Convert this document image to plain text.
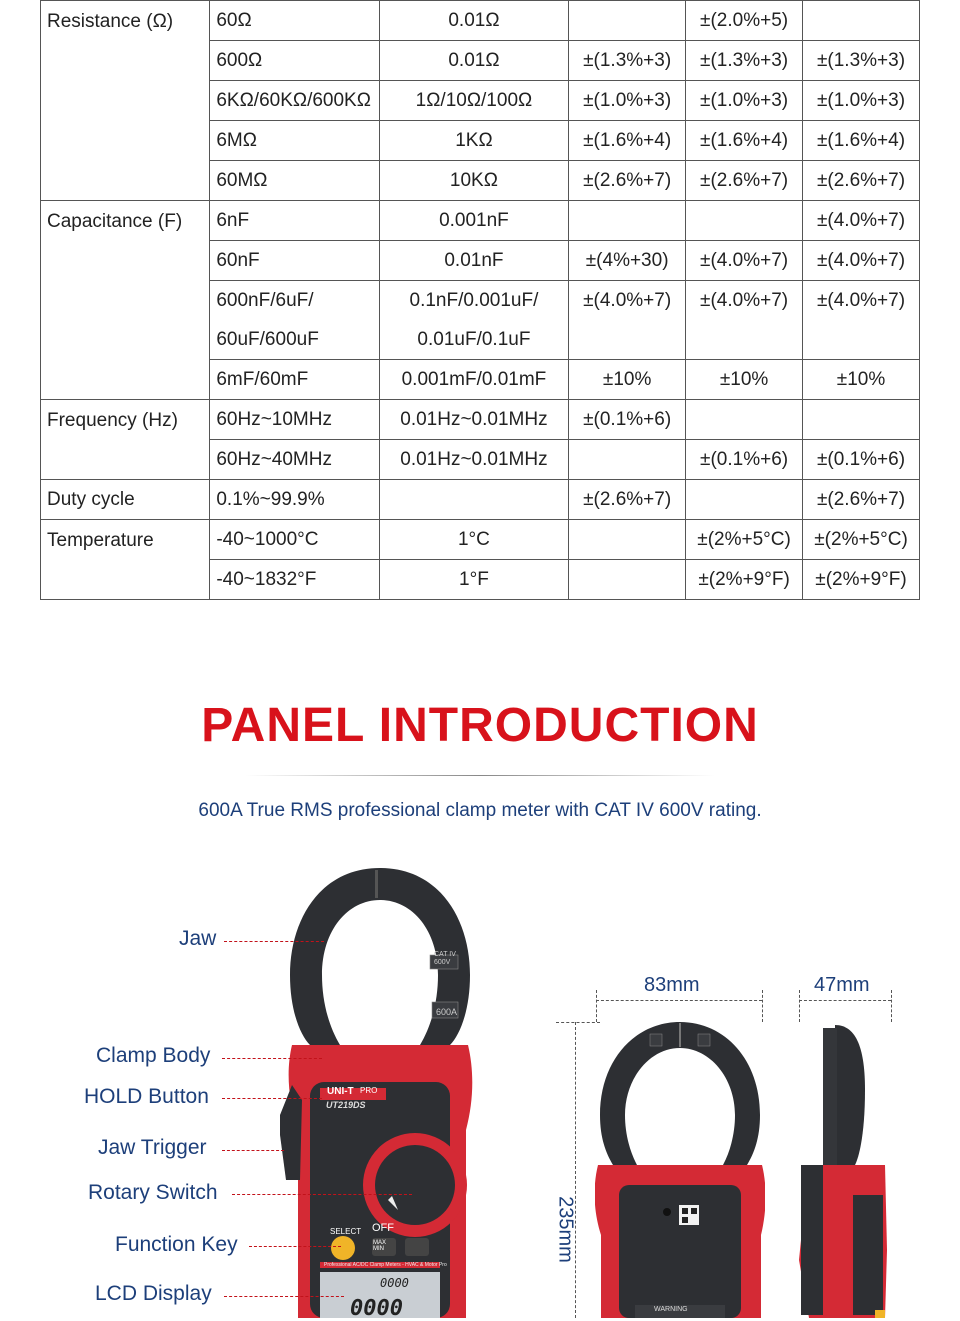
Resistance (Ω)	60Ω	0.01Ω		±(2.0%+5)	
	600Ω	0.01Ω	±(1.3%+3)	±(1.3%+3)	±(1.3%+3)
	6KΩ/60KΩ/600KΩ	1Ω/10Ω/100Ω	±(1.0%+3)	±(1.0%+3)	±(1.0%+3)
	6MΩ	1KΩ	±(1.6%+4)	±(1.6%+4)	±(1.6%+4)
	60MΩ	10KΩ	±(2.6%+7)	±(2.6%+7)	±(2.6%+7)
Capacitance (F)	6nF	0.001nF			±(4.0%+7)
	60nF	0.01nF	±(4%+30)	±(4.0%+7)	±(4.0%+7)
	600nF/6uF/	0.1nF/0.001uF/	±(4.0%+7)	±(4.0%+7)	±(4.0%+7)
	60uF/600uF	0.01uF/0.1uF			
	6mF/60mF	0.001mF/0.01mF	±10%	±10%	±10%
Frequency (Hz)	60Hz~10MHz	0.01Hz~0.01MHz	±(0.1%+6)		
	60Hz~40MHz	0.01Hz~0.01MHz		±(0.1%+6)	±(0.1%+6)
Duty cycle	0.1%~99.9%		±(2.6%+7)		±(2.6%+7)
Temperature	-40~1000°C	1°C		±(2%+5°C)	±(2%+5°C)
	-40~1832°F	1°F		±(2%+9°F)	±(2%+9°F)
PANEL INTRODUCTION
600A True RMS professional clamp meter with CAT IV 600V rating.
UNI-T PRO
UT219DS
CAT IV 600V
600A
SELECT OFF
MAX MIN
Professional AC/DC Clamp Meters - HVAC & Motor Pro
0000
0000
Jaw
Clamp Body
HOLD Button
Jaw Trigger
Rotary Switch
Function Key
LCD Display
WARNING
83mm	47mm
235mm
